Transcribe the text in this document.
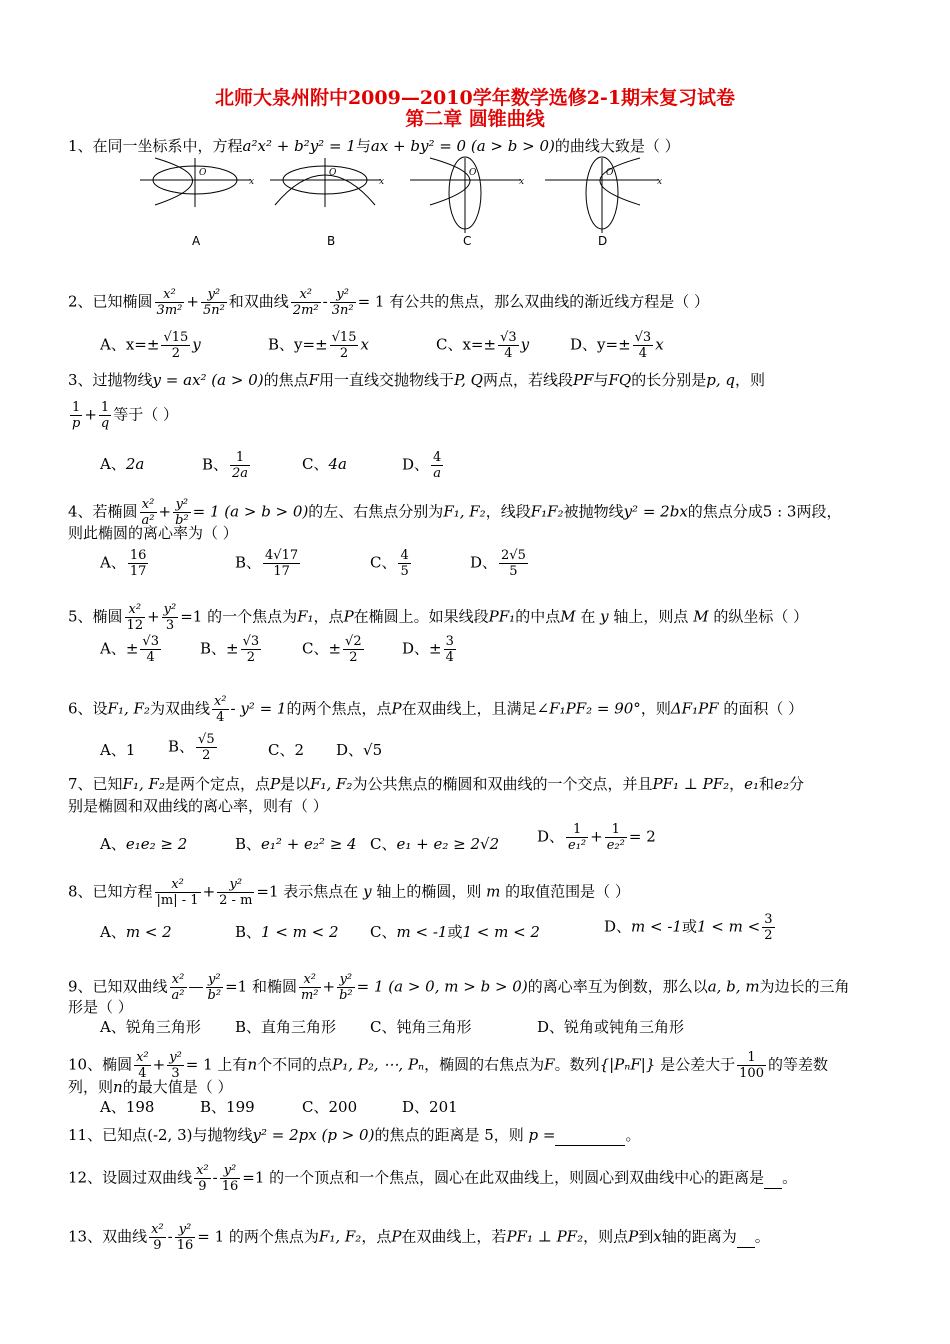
北师大泉州附中2009—2010学年数学选修2-1期末复习试卷
第二章 圆锥曲线
1、在同一坐标系中，方程a²x² + b²y² = 1与ax + by² = 0 (a > b > 0)的曲线大致是（ ）
O
x
O
x
O
x
O
x
A	B	C	D
2、已知椭圆 $\frac{\text{x²}}{\text{3m²}} + \frac{\text{y²}}{\text{5n²}}$ 和双曲线 $\frac{\text{x²}}{\text{2m²}} - \frac{\text{y²}}{\text{3n²}} = 1$ 有公共的焦点，那么双曲线的渐近线方程是（ ）
A、$x=\pm \frac{√15}{2}$ y	B、$y=\pm \frac{√15}{2}$ x	C、$x=\pm \frac{√3}{4}$ y	D、$y=\pm \frac{√3}{4}$ x
3、过抛物线y = ax² (a > 0)的焦点F用一直线交抛物线于P, Q两点，若线段PF与FQ的长分别是p, q，则
$\frac{1}{p} + \frac{1}{q}$ 等于（ ）
A、2a	B、 $\frac{1}{2a}$	C、4a	D、 $\frac{4}{a}$
4、若椭圆 $\frac{\text{x²}}{\text{a²}} + \frac{\text{y²}}{\text{b²}} = 1$ (a > b > 0)的左、右焦点分别为F₁, F₂，线段F₁F₂被抛物线y² = 2bx的焦点分成5 : 3两段，
则此椭圆的离心率为（ ）
A、 $\frac{16}{17}$	B、 $\frac{4√17}{17}$	C、 $\frac{4}{5}$	D、 $\frac{2√5}{5}$
5、椭圆 $\frac{\text{x²}}{12} + \frac{\text{y²}}{3} =1$ 的一个焦点为F₁，点P在椭圆上。如果线段PF₁的中点M 在 y 轴上，则点 M 的纵坐标（ ）
A、± $\frac{√3}{4}$	B、± $\frac{√3}{2}$	C、± $\frac{√2}{2}$	D、± $\frac{3}{4}$
6、设F₁, F₂为双曲线 $\frac{\text{x²}}{4} - y^2 = 1$的两个焦点，点P在双曲线上，且满足∠F₁PF₂ = 90°，则ΔF₁PF 的面积（ ）
A、1 B、 $\frac{√5}{2}$	C、2 D、√5
7、已知F₁, F₂是两个定点，点P是以F₁, F₂为公共焦点的椭圆和双曲线的一个交点，并且PF₁ ⊥ PF₂，e₁和e₂分
别是椭圆和双曲线的离心率，则有（ ）
A、e₁e₂ ≥ 2	B、e₁² + e₂² ≥ 4 C、e₁ + e₂ ≥ 2√2	D、 $\frac{1}{\text{e₁²}} + \frac{1}{\text{e₂²}} = 2$
8、已知方程 $\frac{\text{x²}}{|m| - 1} + \frac{\text{y²}}{2 - m} =1$ 表示焦点在 y 轴上的椭圆，则 m 的取值范围是（ ）
A、m < 2	B、1 < m < 2 C、m < -1或1 < m < 2	D、m < -1或$1 < m < \frac{3}{2}$
9、已知双曲线 $\frac{\text{x²}}{\text{a²}}$ — $\frac{\text{y²}}{\text{b²}} =1$ 和椭圆 $\frac{\text{x²}}{\text{m²}} + \frac{\text{y²}}{\text{b²}} = 1$ (a > 0, m > b > 0)的离心率互为倒数，那么以a, b, m为边长的三角
形是（ ）
A、锐角三角形 B、直角三角形 C、钝角三角形	D、锐角或钝角三角形
10、椭圆 $\frac{\text{x²}}{4} + \frac{\text{y²}}{3} = 1$ 上有n个不同的点P₁, P₂, ⋯, Pₙ，椭圆的右焦点为F。数列{|PₙF|} 是公差大于 $\frac{1}{100}$ 的等差数
列，则n的最大值是（ ）
A、198	B、199	C、200	D、201
11、已知点(-2, 3)与抛物线y² = 2px (p > 0)的焦点的距离是 5，则 p =	。
12、设圆过双曲线 $\frac{\text{x²}}{9} - \frac{\text{y²}}{16} =1$ 的一个顶点和一个焦点，圆心在此双曲线上，则圆心到双曲线中心的距离是 。
13、双曲线 $\frac{\text{x²}}{9} - \frac{\text{y²}}{16} = 1$ 的两个焦点为F₁, F₂，点P在双曲线上，若PF₁ ⊥ PF₂，则点P到x轴的距离为 。
